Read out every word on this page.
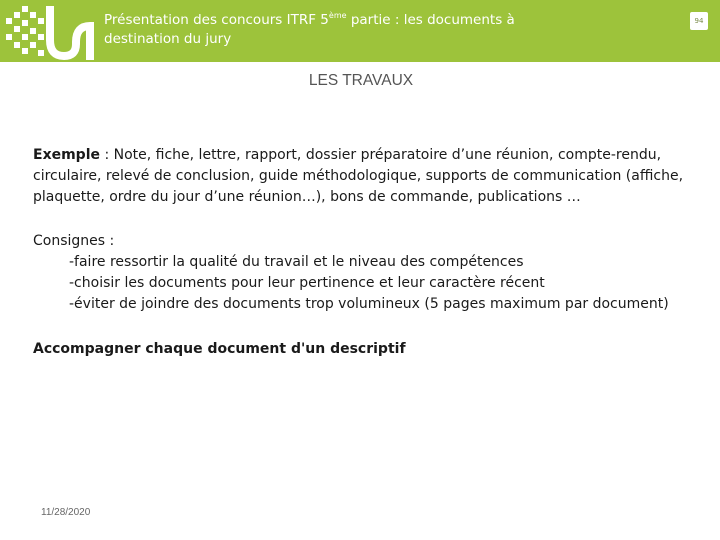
Présentation des concours ITRF 5ème partie : les documents à destination du jury
94
LES TRAVAUX
Exemple : Note, fiche, lettre, rapport, dossier préparatoire d’une réunion, compte-rendu, circulaire, relevé de conclusion, guide méthodologique, supports de communication (affiche, plaquette, ordre du jour d’une réunion…), bons de commande, publications …
Consignes :
-faire ressortir la qualité du travail et le niveau des compétences
-choisir les documents pour leur pertinence et leur caractère récent
-éviter de joindre des documents trop volumineux (5 pages maximum par document)
Accompagner chaque document d'un descriptif
11/28/2020
